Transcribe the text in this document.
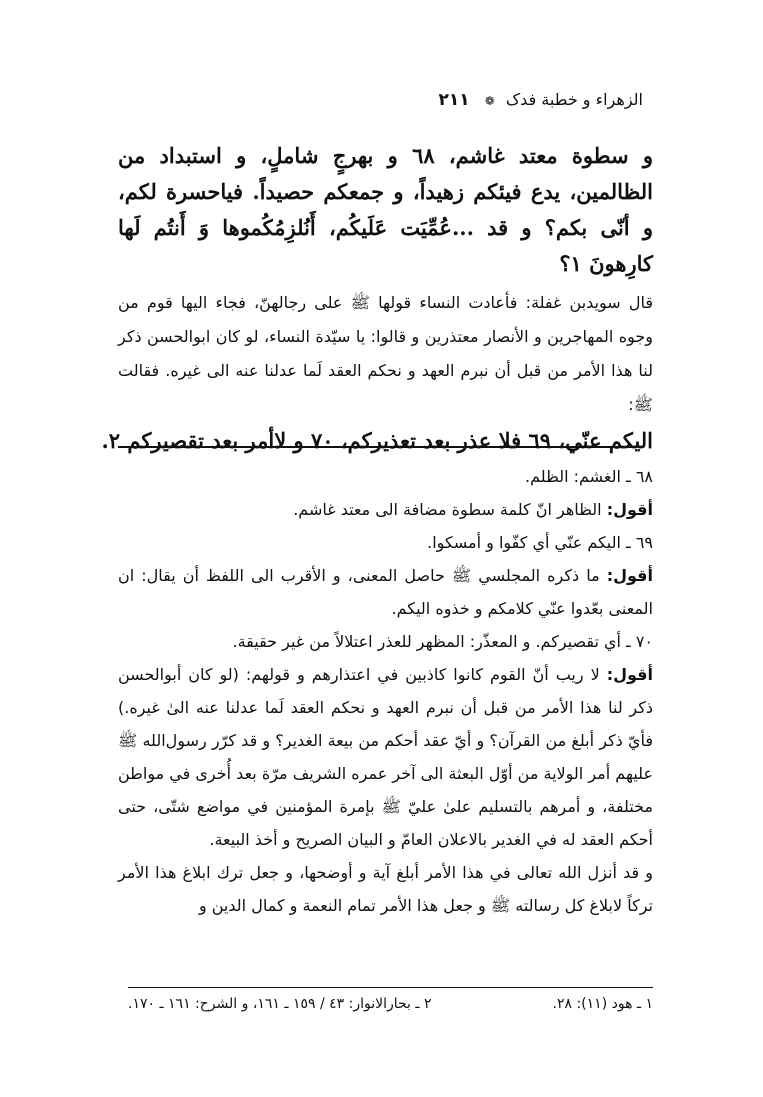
الزهراء و خطبة فدک ❁ ٢١١

و سطوة معتد غاشم، ٦٨ و بهرجٍ شاملٍ، و استبداد من الظالمين، يدع فيئكم زهيداً، و جمعكم حصيداً. فياحسرة لكم، و أنّى بكم؟ و قد ...عُمِّيَت عَلَيكُم، أَنُلزِمُكُموها وَ أَنتُم لَها كارِهونَ ١؟

قال سويدبن غفلة: فأعادت النساء قولها ﷺ على رجالهنّ، فجاء اليها قوم من وجوه المهاجرين و الأنصار معتذرين و قالوا: يا سيّدة النساء، لو كان ابوالحسن ذكر لنا هذا الأمر من قبل أن نبرم العهد و نحكم العقد لَما عدلنا عنه الى غيره. فقالت ﷺ:

اليكم عنّي، ٦٩ فلا عذر بعد تعذيركم، ٧٠ و لاأمر بعد تقصيركم ٢.

٦٨ ـ الغشم: الظلم.

أقول: الظاهر انّ كلمة سطوة مضافة الى معتد غاشم.

٦٩ ـ اليكم عنّي أي كفّوا و أمسكوا.

أقول: ما ذكره المجلسي ﷺ حاصل المعنى، و الأقرب الى اللفظ أن يقال: ان المعنى بعّدوا عنّي كلامكم و خذوه اليكم.

٧٠ ـ أي تقصيركم. و المعذّر: المظهر للعذر اعتلالاً من غير حقيقة.

أقول: لا ريب أنّ القوم كانوا كاذبين في اعتذارهم و قولهم: (لو كان أبوالحسن ذكر لنا هذا الأمر من قبل أن نبرم العهد و نحكم العقد لَما عدلنا عنه الیٰ غيره.) فأيّ ذكر أبلغ من القرآن؟ و أيّ عقد أحكم من بيعة الغدير؟ و قد كرّر رسول‌الله ﷺ عليهم أمر الولاية من أوّل البعثة الى آخر عمره الشريف مرّة بعد أُخرى في مواطن مختلفة، و أمرهم بالتسليم علیٰ عليّ ﷺ بإمرة المؤمنين في مواضع شتّى، حتى أحكم العقد له في الغدير بالاعلان العامّ و البيان الصريح و أخذ البيعة.

و قد أنزل الله تعالى في هذا الأمر أبلغ آية و أوضحها، و جعل ترك ابلاغ هذا الأمر تركاً لابلاغ كل رسالته ﷺ و جعل هذا الأمر تمام النعمة و كمال الدين و

١ ـ هود (١١): ٢٨.
٢ ـ بحارالانوار: ٤٣ / ١٥٩ ـ ١٦١، و الشرح: ١٦١ ـ ١٧٠.
